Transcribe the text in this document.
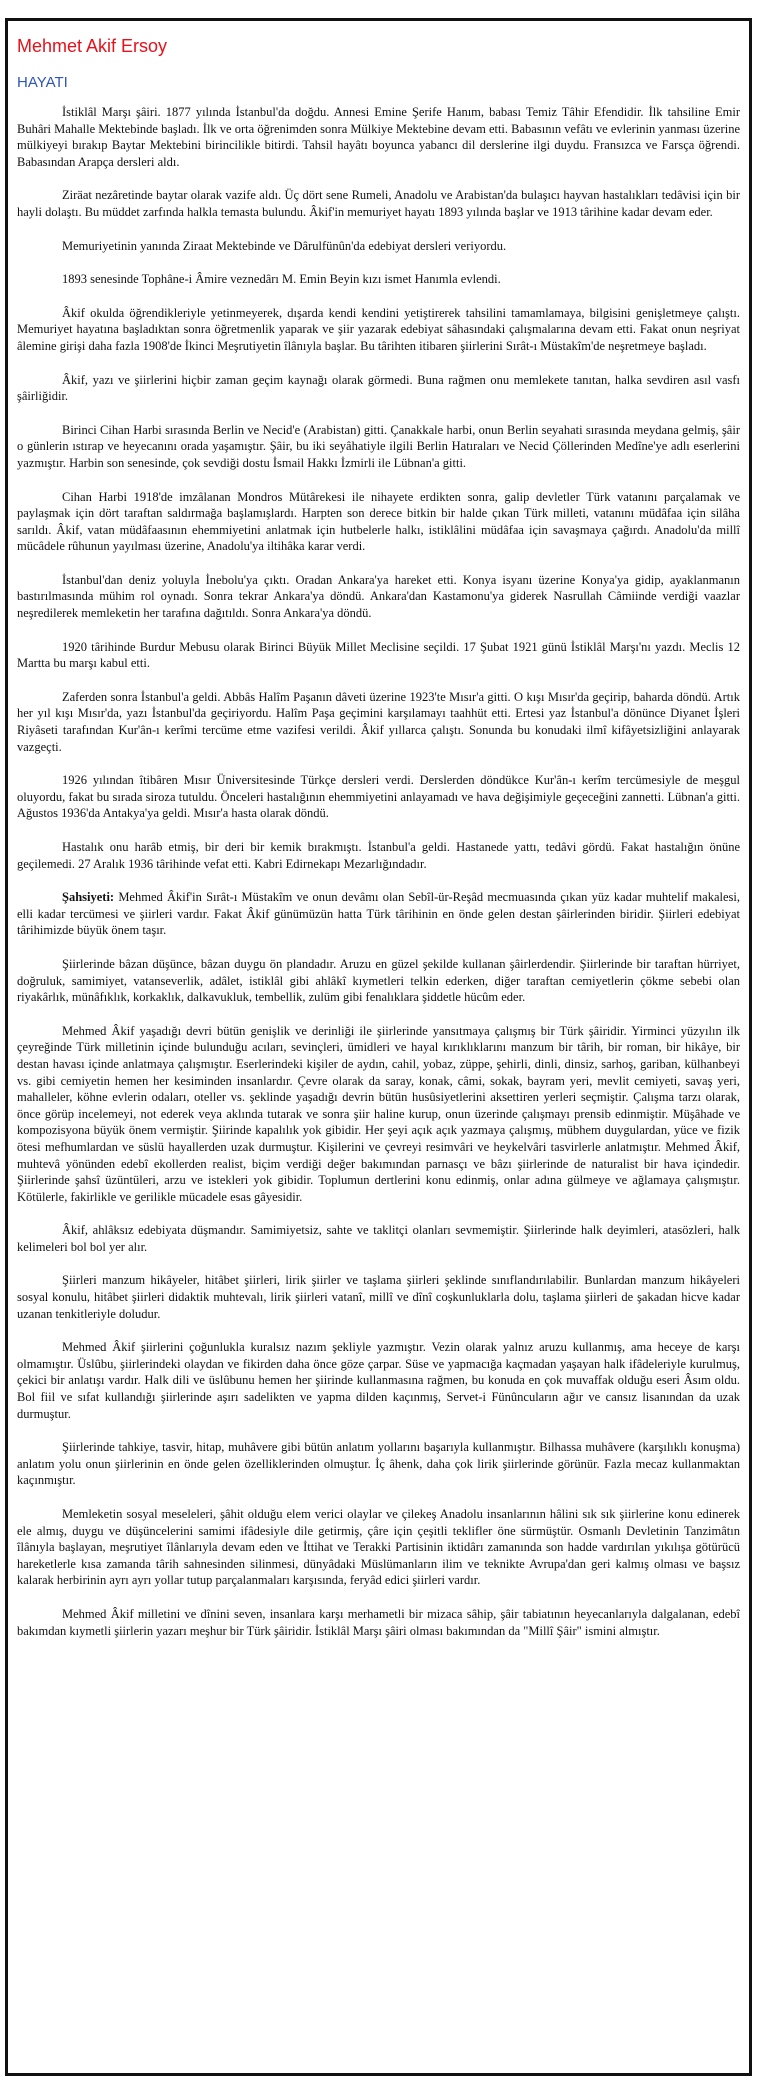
Mehmet Akif Ersoy
HAYATI

İstiklâl Marşı şâiri. 1877 yılında İstanbul'da doğdu. Annesi Emine Şerife Hanım, babası Temiz Tâhir Efendidir. İlk tahsiline Emir Buhâri Mahalle Mektebinde başladı. İlk ve orta öğrenimden sonra Mülkiye Mektebine devam etti. Babasının vefâtı ve evlerinin yanması üzerine mülkiyeyi bırakıp Baytar Mektebini birincilikle bitirdi. Tahsil hayâtı boyunca yabancı dil derslerine ilgi duydu. Fransızca ve Farsça öğrendi. Babasından Arapça dersleri aldı.

Ziräat nezâretinde baytar olarak vazife aldı. Üç dört sene Rumeli, Anadolu ve Arabistan'da bulaşıcı hayvan hastalıkları tedâvisi için bir hayli dolaştı. Bu müddet zarfında halkla temasta bulundu. Âkif'in memuriyet hayatı 1893 yılında başlar ve 1913 târihine kadar devam eder.

Memuriyetinin yanında Ziraat Mektebinde ve Dârulfünûn'da edebiyat dersleri veriyordu.

1893 senesinde Tophâne-i Âmire veznedârı M. Emin Beyin kızı ismet Hanımla evlendi.

Âkif okulda öğrendikleriyle yetinmeyerek, dışarda kendi kendini yetiştirerek tahsilini tamamlamaya, bilgisini genişletmeye çalıştı. Memuriyet hayatına başladıktan sonra öğretmenlik yaparak ve şiir yazarak edebiyat sâhasındaki çalışmalarına devam etti. Fakat onun neşriyat âlemine girişi daha fazla 1908'de İkinci Meşrutiyetin îlânıyla başlar. Bu târihten itibaren şiirlerini Sırât-ı Müstakîm'de neşretmeye başladı.

Âkif, yazı ve şiirlerini hiçbir zaman geçim kaynağı olarak görmedi. Buna rağmen onu memlekete tanıtan, halka sevdiren asıl vasfı şâirliğidir.

Birinci Cihan Harbi sırasında Berlin ve Necid'e (Arabistan) gitti. Çanakkale harbi, onun Berlin seyahati sırasında meydana gelmiş, şâir o günlerin ıstırap ve heyecanını orada yaşamıştır. Şâir, bu iki seyâhatiyle ilgili Berlin Hatıraları ve Necid Çöllerinden Medîne'ye adlı eserlerini yazmıştır. Harbin son senesinde, çok sevdiği dostu İsmail Hakkı İzmirli ile Lübnan'a gitti.

Cihan Harbi 1918'de imzâlanan Mondros Mütârekesi ile nihayete erdikten sonra, galip devletler Türk vatanını parçalamak ve paylaşmak için dört taraftan saldırmağa başlamışlardı. Harpten son derece bitkin bir halde çıkan Türk milleti, vatanını müdâfaa için silâha sarıldı. Âkif, vatan müdâfaasının ehemmiyetini anlatmak için hutbelerle halkı, istiklâlini müdâfaa için savaşmaya çağırdı. Anadolu'da millî mücâdele rûhunun yayılması üzerine, Anadolu'ya iltihâka karar verdi.

İstanbul'dan deniz yoluyla İnebolu'ya çıktı. Oradan Ankara'ya hareket etti. Konya isyanı üzerine Konya'ya gidip, ayaklanmanın bastırılmasında mühim rol oynadı. Sonra tekrar Ankara'ya döndü. Ankara'dan Kastamonu'ya giderek Nasrullah Câmiinde verdiği vaazlar neşredilerek memleketin her tarafına dağıtıldı. Sonra Ankara'ya döndü.

1920 târihinde Burdur Mebusu olarak Birinci Büyük Millet Meclisine seçildi. 17 Şubat 1921 günü İstiklâl Marşı'nı yazdı. Meclis 12 Martta bu marşı kabul etti.

Zaferden sonra İstanbul'a geldi. Abbâs Halîm Paşanın dâveti üzerine 1923'te Mısır'a gitti. O kışı Mısır'da geçirip, baharda döndü. Artık her yıl kışı Mısır'da, yazı İstanbul'da geçiriyordu. Halîm Paşa geçimini karşılamayı taahhüt etti. Ertesi yaz İstanbul'a dönünce Diyanet İşleri Riyâseti tarafından Kur'ân-ı kerîmi tercüme etme vazifesi verildi. Âkif yıllarca çalıştı. Sonunda bu konudaki ilmî kifâyetsizliğini anlayarak vazgeçti.

1926 yılından îtibâren Mısır Üniversitesinde Türkçe dersleri verdi. Derslerden döndükce Kur'ân-ı kerîm tercümesiyle de meşgul oluyordu, fakat bu sırada siroza tutuldu. Önceleri hastalığının ehemmiyetini anlayamadı ve hava değişimiyle geçeceğini zannetti. Lübnan'a gitti. Ağustos 1936'da Antakya'ya geldi. Mısır'a hasta olarak döndü.

Hastalık onu harâb etmiş, bir deri bir kemik bırakmıştı. İstanbul'a geldi. Hastanede yattı, tedâvi gördü. Fakat hastalığın önüne geçilemedi. 27 Aralık 1936 târihinde vefat etti. Kabri Edirnekapı Mezarlığındadır.

Şahsiyeti: Mehmed Âkif'in Sırât-ı Müstakîm ve onun devâmı olan Sebîl-ür-Reşâd mecmuasında çıkan yüz kadar muhtelif makalesi, elli kadar tercümesi ve şiirleri vardır. Fakat Âkif günümüzün hatta Türk târihinin en önde gelen destan şâirlerinden biridir. Şiirleri edebiyat târihimizde büyük önem taşır.

Şiirlerinde bâzan düşünce, bâzan duygu ön plandadır. Aruzu en güzel şekilde kullanan şâirlerdendir. Şiirlerinde bir taraftan hürriyet, doğruluk, samimiyet, vatanseverlik, adâlet, istiklâl gibi ahlâkî kıymetleri telkin ederken, diğer taraftan cemiyetlerin çökme sebebi olan riyakârlık, münâfıklık, korkaklık, dalkavukluk, tembellik, zulüm gibi fenalıklara şiddetle hücûm eder.

Mehmed Âkif yaşadığı devri bütün genişlik ve derinliği ile şiirlerinde yansıtmaya çalışmış bir Türk şâiridir. Yirminci yüzyılın ilk çeyreğinde Türk milletinin içinde bulunduğu acıları, sevinçleri, ümidleri ve hayal kırıklıklarını manzum bir târih, bir roman, bir hikâye, bir destan havası içinde anlatmaya çalışmıştır. Eserlerindeki kişiler de aydın, cahil, yobaz, züppe, şehirli, dinli, dinsiz, sarhoş, gariban, külhanbeyi vs. gibi cemiyetin hemen her kesiminden insanlardır. Çevre olarak da saray, konak, câmi, sokak, bayram yeri, mevlit cemiyeti, savaş yeri, mahalleler, köhne evlerin odaları, oteller vs. şeklinde yaşadığı devrin bütün husûsiyetlerini aksettiren yerleri seçmiştir. Çalışma tarzı olarak, önce görüp incelemeyi, not ederek veya aklında tutarak ve sonra şiir haline kurup, onun üzerinde çalışmayı prensib edinmiştir. Müşâhade ve kompozisyona büyük önem vermiştir. Şiirinde kapalılık yok gibidir. Her şeyi açık açık yazmaya çalışmış, mübhem duygulardan, yüce ve fizik ötesi mefhumlardan ve süslü hayallerden uzak durmuştur. Kişilerini ve çevreyi resimvâri ve heykelvâri tasvirlerle anlatmıştır. Mehmed Âkif, muhtevâ yönünden edebî ekollerden realist, biçim verdiği değer bakımından parnasçı ve bâzı şiirlerinde de naturalist bir hava içindedir. Şiirlerinde şahsî üzüntüleri, arzu ve istekleri yok gibidir. Toplumun dertlerini konu edinmiş, onlar adına gülmeye ve ağlamaya çalışmıştır. Kötülerle, fakirlikle ve gerilikle mücadele esas gâyesidir.

Âkif, ahlâksız edebiyata düşmandır. Samimiyetsiz, sahte ve taklitçi olanları sevmemiştir. Şiirlerinde halk deyimleri, atasözleri, halk kelimeleri bol bol yer alır.

Şiirleri manzum hikâyeler, hitâbet şiirleri, lirik şiirler ve taşlama şiirleri şeklinde sınıflandırılabilir. Bunlardan manzum hikâyeleri sosyal konulu, hitâbet şiirleri didaktik muhtevalı, lirik şiirleri vatanî, millî ve dînî coşkunluklarla dolu, taşlama şiirleri de şakadan hicve kadar uzanan tenkitleriyle doludur.

Mehmed Âkif şiirlerini çoğunlukla kuralsız nazım şekliyle yazmıştır. Vezin olarak yalnız aruzu kullanmış, ama heceye de karşı olmamıştır. Üslûbu, şiirlerindeki olaydan ve fikirden daha önce göze çarpar. Süse ve yapmacığa kaçmadan yaşayan halk ifâdeleriyle kurulmuş, çekici bir anlatışı vardır. Halk dili ve üslûbunu hemen her şiirinde kullanmasına rağmen, bu konuda en çok muvaffak olduğu eseri Âsım oldu. Bol fiil ve sıfat kullandığı şiirlerinde aşırı sadelikten ve yapma dilden kaçınmış, Servet-i Fünûncuların ağır ve cansız lisanından da uzak durmuştur.

Şiirlerinde tahkiye, tasvir, hitap, muhâvere gibi bütün anlatım yollarını başarıyla kullanmıştır. Bilhassa muhâvere (karşılıklı konuşma) anlatım yolu onun şiirlerinin en önde gelen özelliklerinden olmuştur. İç âhenk, daha çok lirik şiirlerinde görünür. Fazla mecaz kullanmaktan kaçınmıştır.

Memleketin sosyal meseleleri, şâhit olduğu elem verici olaylar ve çilekeş Anadolu insanlarının hâlini sık sık şiirlerine konu edinerek ele almış, duygu ve düşüncelerini samimi ifâdesiyle dile getirmiş, çâre için çeşitli teklifler öne sürmüştür. Osmanlı Devletinin Tanzimâtın îlânıyla başlayan, meşrutiyet îlânlarıyla devam eden ve İttihat ve Terakki Partisinin iktidârı zamanında son hadde vardırılan yıkılışa götürücü hareketlerle kısa zamanda târih sahnesinden silinmesi, dünyâdaki Müslümanların ilim ve teknikte Avrupa'dan geri kalmış olması ve başsız kalarak herbirinin ayrı ayrı yollar tutup parçalanmaları karşısında, feryâd edici şiirleri vardır.

Mehmed Âkif milletini ve dînini seven, insanlara karşı merhametli bir mizaca sâhip, şâir tabiatının heyecanlarıyla dalgalanan, edebî bakımdan kıymetli şiirlerin yazarı meşhur bir Türk şâiridir. İstiklâl Marşı şâiri olması bakımından da "Millî Şâir" ismini almıştır.
